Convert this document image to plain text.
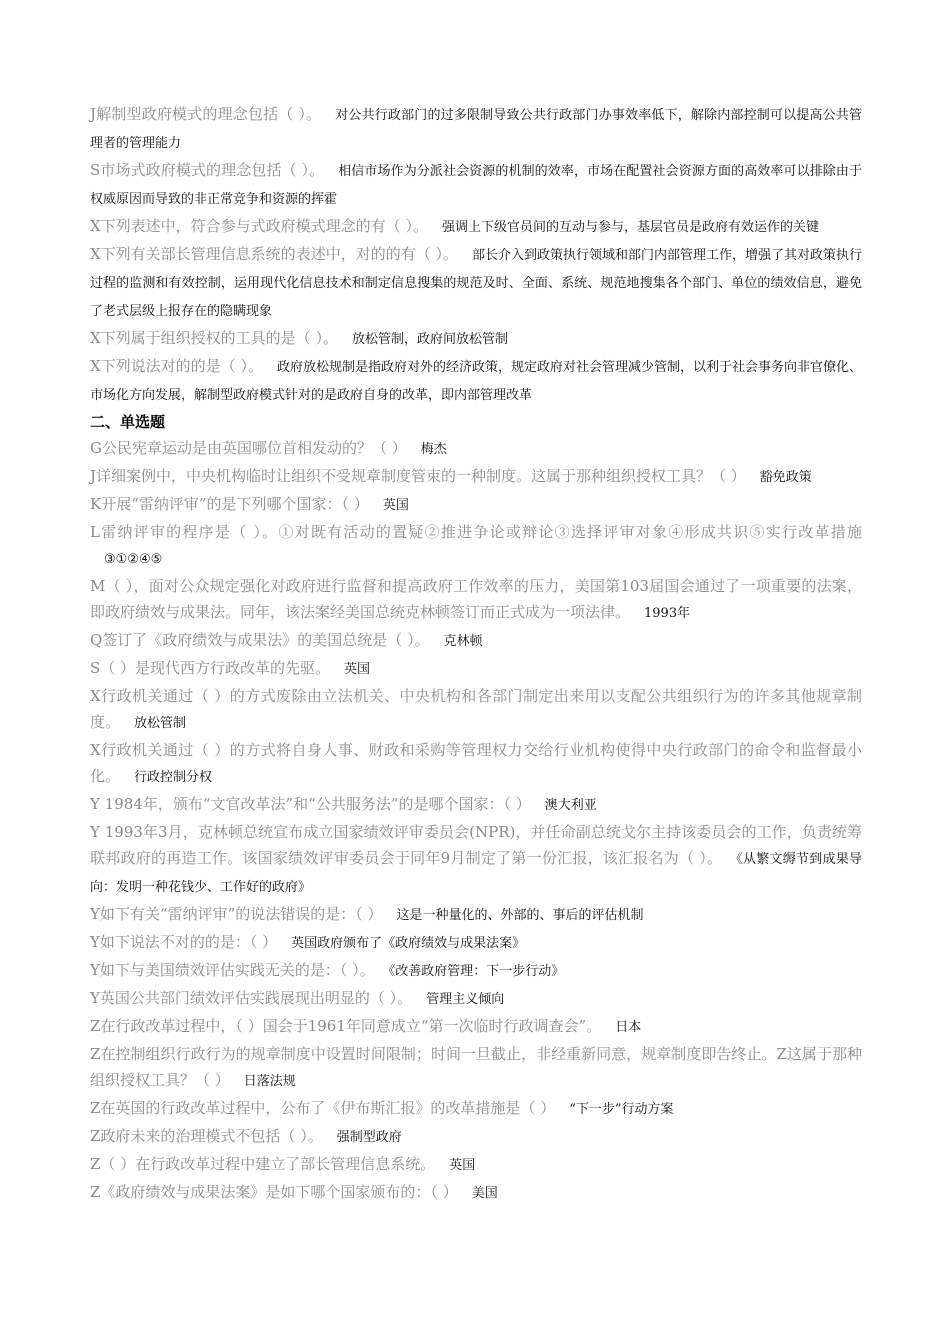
J解制型政府模式的理念包括（ ）。 对公共行政部门的过多限制导致公共行政部门办事效率低下，解除内部控制可以提高公共管理者的管理能力
S市场式政府模式的理念包括（ ）。 相信市场作为分派社会资源的机制的效率，市场在配置社会资源方面的高效率可以排除由于权威原因而导致的非正常竞争和资源的挥霍
X下列表述中，符合参与式政府模式理念的有（ ）。 强调上下级官员间的互动与参与，基层官员是政府有效运作的关键
X下列有关部长管理信息系统的表述中，对的的有（ ）。 部长介入到政策执行领域和部门内部管理工作，增强了其对政策执行过程的监测和有效控制，运用现代化信息技术和制定信息搜集的规范及时、全面、系统、规范地搜集各个部门、单位的绩效信息，避免了老式层级上报存在的隐瞒现象
X下列属于组织授权的工具的是（ ）。 放松管制，政府间放松管制
X下列说法对的的是（ ）。 政府放松规制是指政府对外的经济政策，规定政府对社会管理减少管制，以利于社会事务向非官僚化、市场化方向发展，解制型政府模式针对的是政府自身的改革，即内部管理改革
二、单选题
G公民宪章运动是由英国哪位首相发动的？（ ） 梅杰
J详细案例中，中央机构临时让组织不受规章制度管束的一种制度。这属于那种组织授权工具？（ ） 豁免政策
K开展“雷纳评审”的是下列哪个国家：（ ） 英国
L雷纳评审的程序是（ ）。①对既有活动的置疑②推进争论或辩论③选择评审对象④形成共识⑤实行改革措施③①②④⑤
M（ ），面对公众规定强化对政府进行监督和提高政府工作效率的压力，美国第103届国会通过了一项重要的法案，即政府绩效与成果法。同年，该法案经美国总统克林顿签订而正式成为一项法律。 1993年
Q签订了《政府绩效与成果法》的美国总统是（ ）。 克林顿
S（ ）是现代西方行政改革的先驱。 英国
X行政机关通过（ ）的方式废除由立法机关、中央机构和各部门制定出来用以支配公共组织行为的许多其他规章制度。 放松管制
X行政机关通过（ ）的方式将自身人事、财政和采购等管理权力交给行业机构使得中央行政部门的命令和监督最小化。 行政控制分权
Y 1984年，颁布“文官改革法”和“公共服务法”的是哪个国家：（ ） 澳大利亚
Y 1993年3月，克林顿总统宣布成立国家绩效评审委员会(NPR)，并任命副总统戈尔主持该委员会的工作，负责统筹联邦政府的再造工作。该国家绩效评审委员会于同年9月制定了第一份汇报，该汇报名为（ ）。 《从繁文缛节到成果导向：发明一种花钱少、工作好的政府》
Y如下有关“雷纳评审”的说法错误的是：（ ） 这是一种量化的、外部的、事后的评估机制
Y如下说法不对的的是：（ ） 英国政府颁布了《政府绩效与成果法案》
Y如下与美国绩效评估实践无关的是：（ ）。 《改善政府管理：下一步行动》
Y英国公共部门绩效评估实践展现出明显的（ ）。 管理主义倾向
Z在行政改革过程中，（ ）国会于1961年同意成立“第一次临时行政调查会”。 日本
Z在控制组织行政行为的规章制度中设置时间限制；时间一旦截止，非经重新同意，规章制度即告终止。Z这属于那种组织授权工具？（ ） 日落法规
Z在英国的行政改革过程中，公布了《伊布斯汇报》的改革措施是（ ） “下一步”行动方案
Z政府未来的治理模式不包括（ ）。 强制型政府
Z（ ）在行政改革过程中建立了部长管理信息系统。 英国
Z《政府绩效与成果法案》是如下哪个国家颁布的：（ ） 美国
